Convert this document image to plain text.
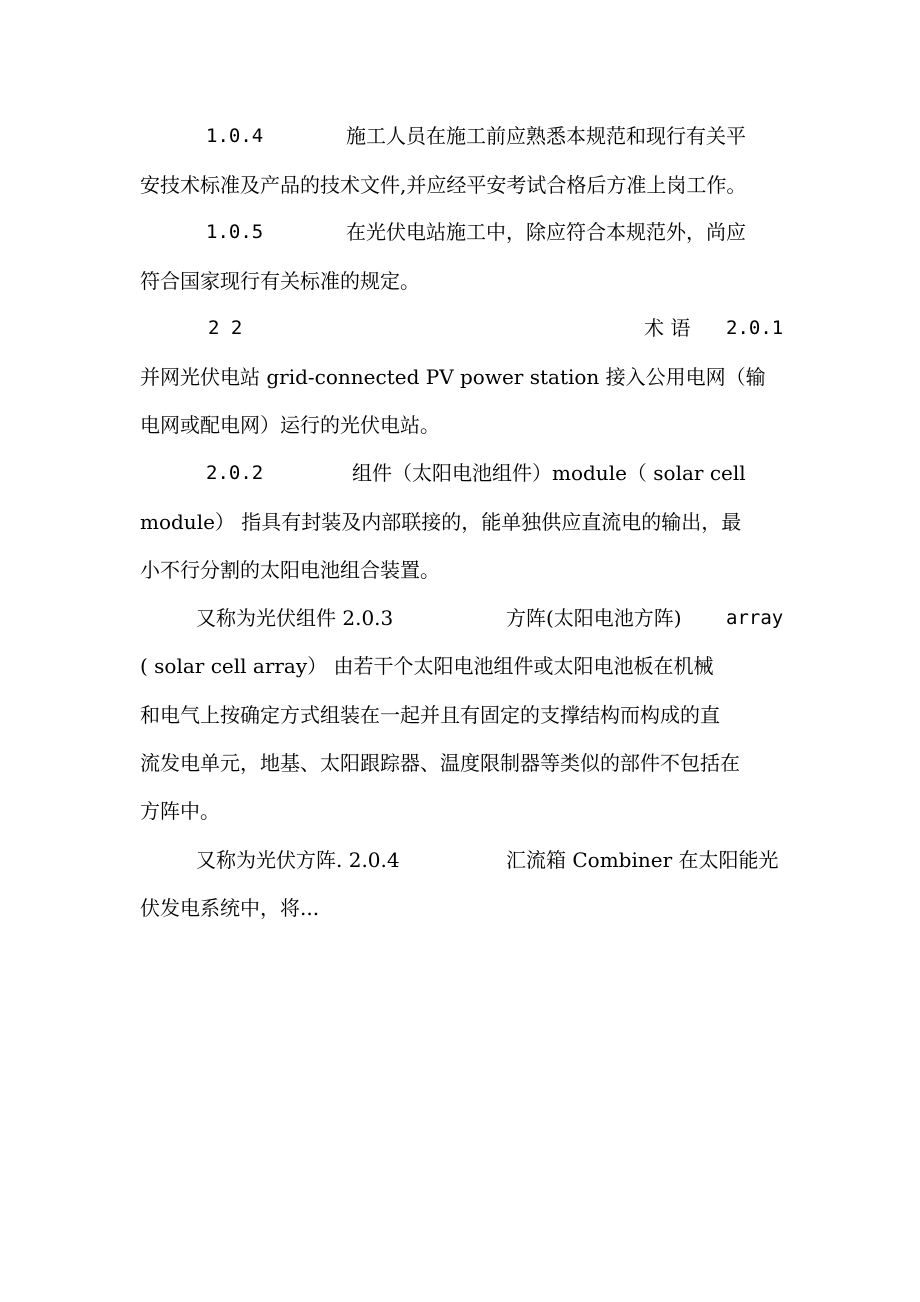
1.0.4	施工人员在施工前应熟悉本规范和现行有关平
安技术标准及产品的技术文件,并应经平安考试合格后方准上岗工作。
1.0.5	在光伏电站施工中，除应符合本规范外，尚应
符合国家现行有关标准的规定。
2 2	术 语 2.0.1
并网光伏电站 grid-connected PV power station 接入公用电网（输
电网或配电网）运行的光伏电站。
2.0.2	组件（太阳电池组件）module（ solar cell
module） 指具有封装及内部联接的，能单独供应直流电的输出，最
小不行分割的太阳电池组合装置。
又称为光伏组件 2.0.3	方阵(太阳电池方阵) array
( solar cell array） 由若干个太阳电池组件或太阳电池板在机械
和电气上按确定方式组装在一起并且有固定的支撑结构而构成的直
流发电单元，地基、太阳跟踪器、温度限制器等类似的部件不包括在
方阵中。
又称为光伏方阵. 2.0.4	汇流箱 Combiner 在太阳能光
伏发电系统中，将...
